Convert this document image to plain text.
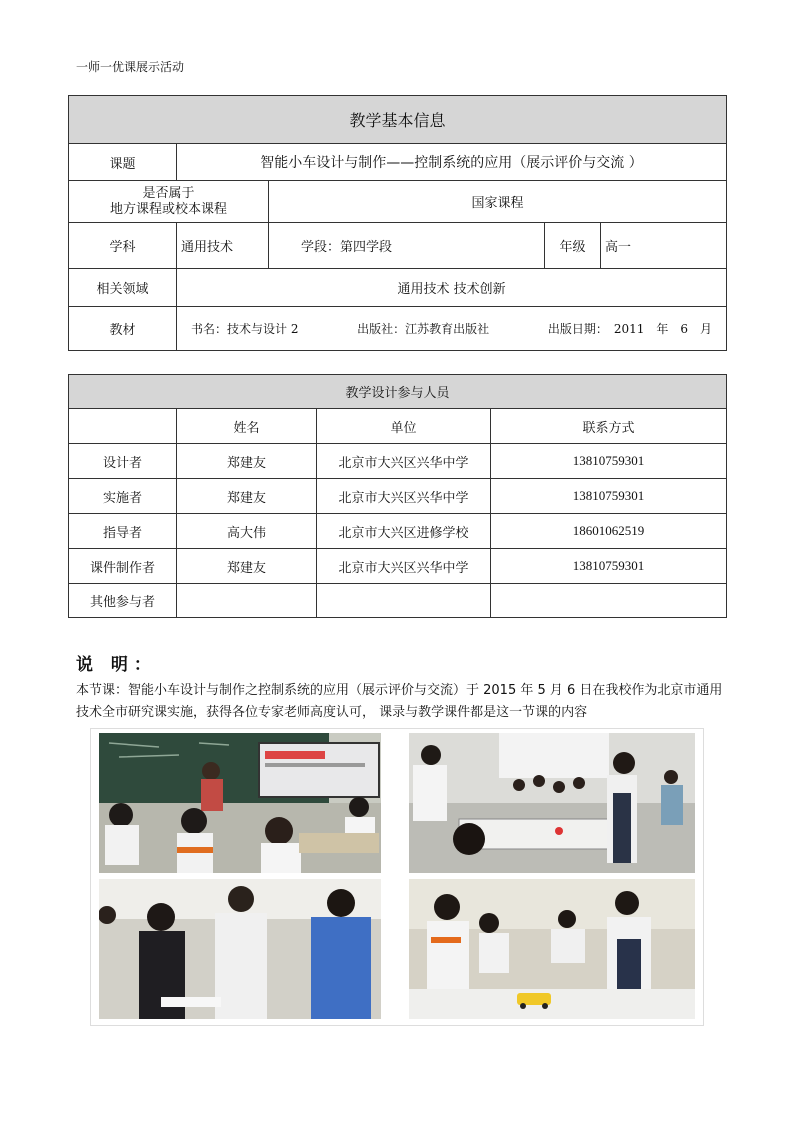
一师一优课展示活动
教学基本信息				
课题	智能小车设计与制作——控制系统的应用（展示评价与交流 ）			

是否属于
地方课程或校本课程		国家课程		
学科	通用技术	学段：第四学段	年级	高一
相关领域	通用技术 技术创新			
教材	书名：技术与设计 2 出版社：江苏教育出版社 出版日期：　2011　年　6　月			
教学设计参与人员			
	姓名	单位	联系方式
设计者	郑建友	北京市大兴区兴华中学	13810759301
实施者	郑建友	北京市大兴区兴华中学	13810759301
指导者	高大伟	北京市大兴区进修学校	18601062519
课件制作者	郑建友	北京市大兴区兴华中学	13810759301
其他参与者			
说 明：
本节课：智能小车设计与制作之控制系统的应用（展示评价与交流）于 2015 年 5 月 6 日在我校作为北京市通用技术全市研究课实施，获得各位专家老师高度认可， 课录与教学课件都是这一节课的内容
